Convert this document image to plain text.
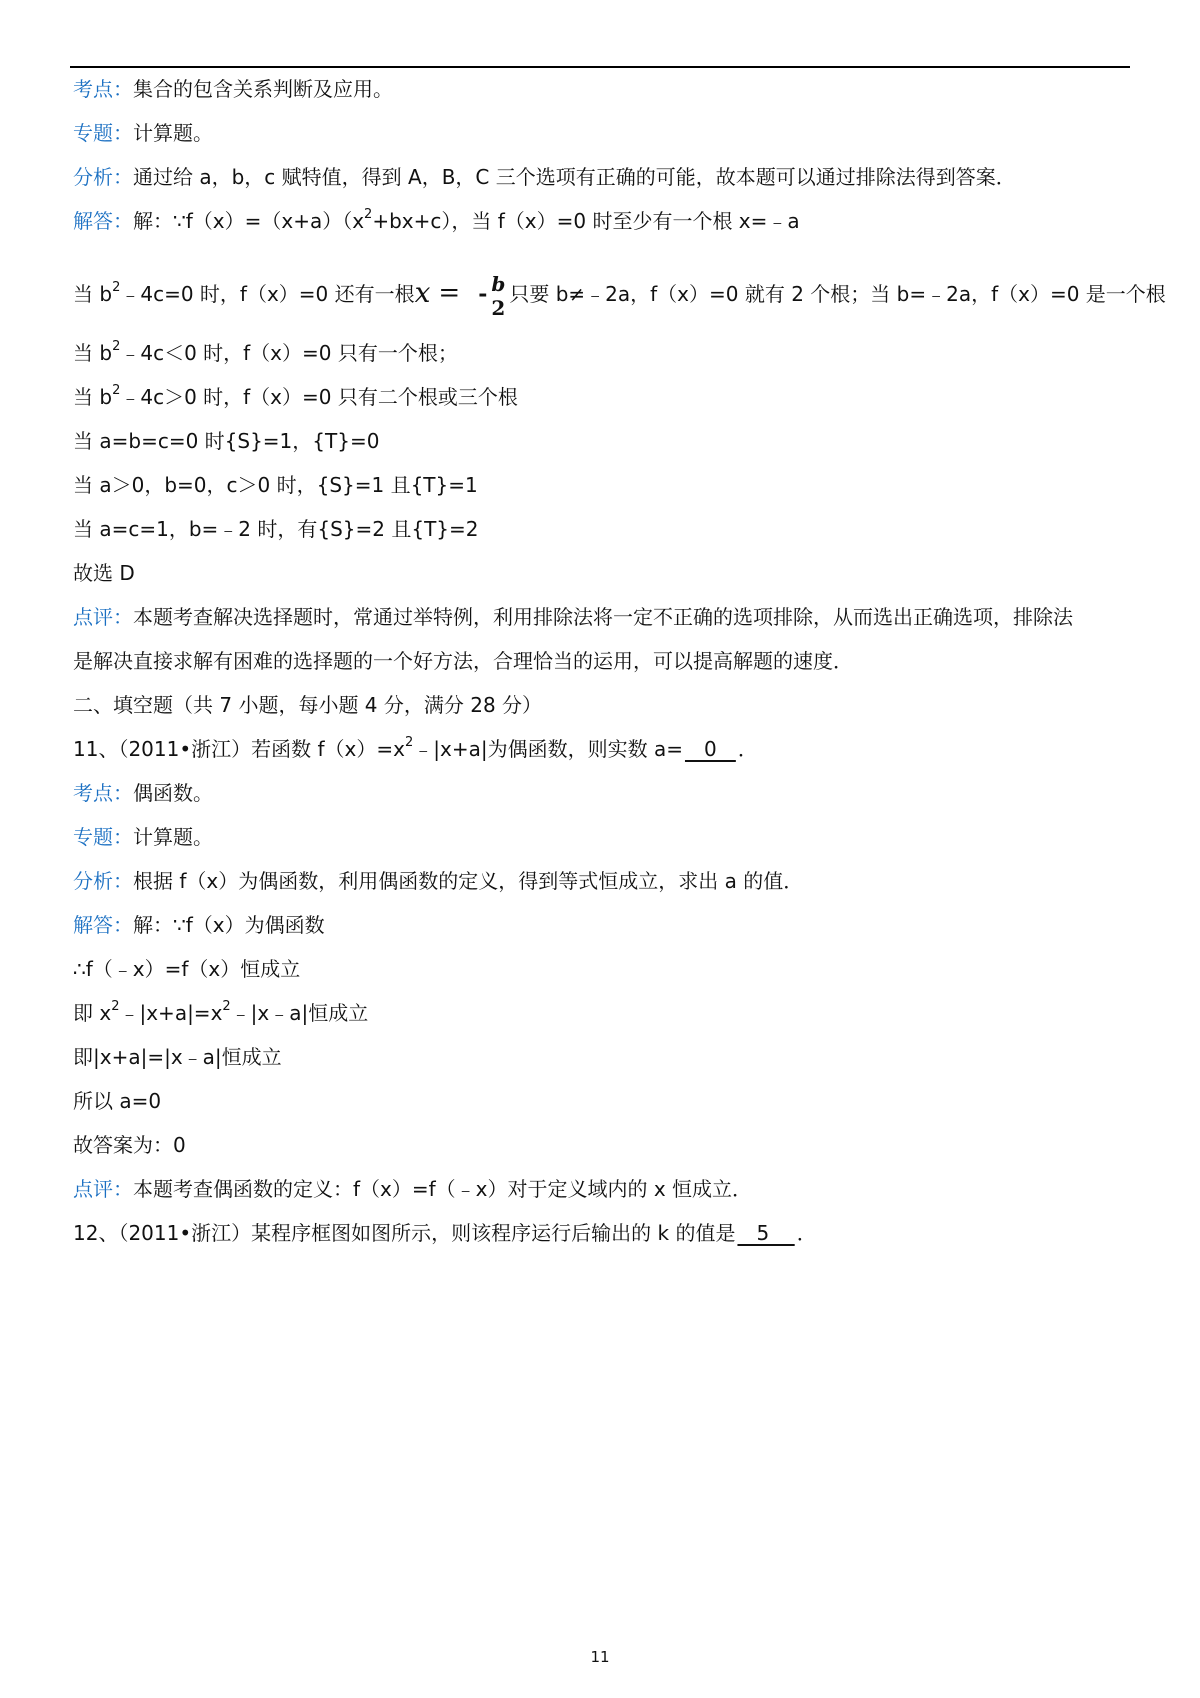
考点：集合的包含关系判断及应用。
专题：计算题。
分析：通过给 a，b，c 赋特值，得到 A，B，C 三个选项有正确的可能，故本题可以通过排除法得到答案．
解答：解：$\because f(x)=(x+a)(x^2+bx+c)$，当 f（x）=0 时至少有一个根 x=﹣a
当 $b^2﹣4c=0$ 时，f（x）=0 还有一根x = - b
2
只要 b≠﹣2a，f（x）=0 就有 2 个根；当 b=﹣2a，f（x）=0 是一个根
当 $b^2﹣4c<0$ 时，f（x）=0 只有一个根；
当 $b^2﹣4c>0$ 时，f（x）=0 只有二个根或三个根
当 a=b=c=0 时{S}=1，{T}=0
当 a＞0，b=0，c＞0 时，{S}=1 且{T}=1
当 a=c=1，b=﹣2 时，有{S}=2 且{T}=2
故选 D
点评：本题考查解决选择题时，常通过举特例，利用排除法将一定不正确的选项排除，从而选出正确选项，排除法
是解决直接求解有困难的选择题的一个好方法，合理恰当的运用，可以提高解题的速度．
二、填空题（共 7 小题，每小题 4 分，满分 28 分）
11、（2011•浙江）若函数 $f(x)=x^2﹣|x+a|$为偶函数，则实数 a=   0   ．
考点：偶函数。
专题：计算题。
分析：根据 f（x）为偶函数，利用偶函数的定义，得到等式恒成立，求出 a 的值．
解答：解：∵f（x）为偶函数
∴f（﹣x）=f（x）恒成立
即 $x^2﹣|x+a|=x^2﹣|x﹣a|$恒成立
即|x+a|=|x﹣a|恒成立
所以 a=0
故答案为：0
点评：本题考查偶函数的定义：f（x）=f（﹣x）对于定义域内的 x 恒成立．
12、（2011•浙江）某程序框图如图所示，则该程序运行后输出的 k 的值是   5    ．
11
